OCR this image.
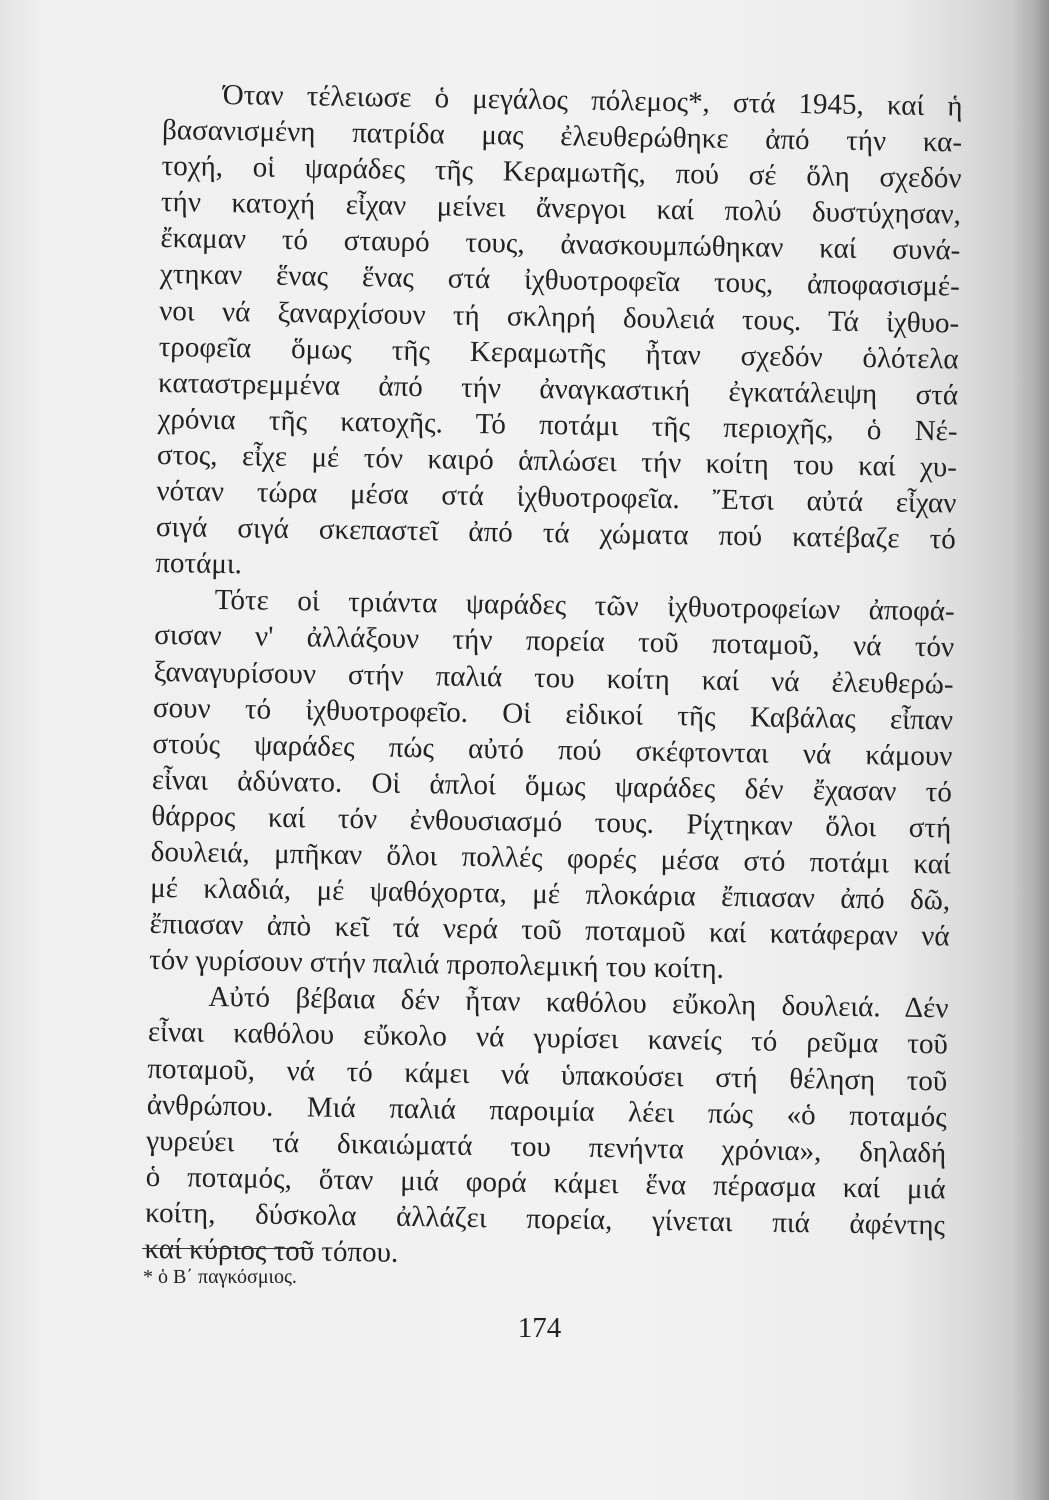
Όταν τέλειωσε ὁ μεγάλος πόλεμος*, στά 1945, καί ἡ
βασανισμένη πατρίδα μας ἐλευθερώθηκε ἀπό τήν κα-
τοχή, οἱ ψαράδες τῆς Κεραμωτῆς, πού σέ ὅλη σχεδόν
τήν κατοχή εἶχαν μείνει ἄνεργοι καί πολύ δυστύχησαν,
ἔκαμαν τό σταυρό τους, ἀνασκουμπώθηκαν καί συνά-
χτηκαν ἕνας ἕνας στά ἰχθυοτροφεῖα τους, ἀποφασισμέ-
νοι νά ξαναρχίσουν τή σκληρή δουλειά τους. Τά ἰχθυο-
τροφεῖα ὅμως τῆς Κεραμωτῆς ἦταν σχεδόν ὁλότελα
καταστρεμμένα ἀπό τήν ἀναγκαστική ἐγκατάλειψη στά
χρόνια τῆς κατοχῆς. Τό ποτάμι τῆς περιοχῆς, ὁ Νέ-
στος, εἶχε μέ τόν καιρό ἁπλώσει τήν κοίτη του καί χυ-
νόταν τώρα μέσα στά ἰχθυοτροφεῖα. Ἔτσι αὐτά εἶχαν
σιγά σιγά σκεπαστεῖ ἀπό τά χώματα πού κατέβαζε τό
ποτάμι.
Τότε οἱ τριάντα ψαράδες τῶν ἰχθυοτροφείων ἀποφά-
σισαν ν' ἀλλάξουν τήν πορεία τοῦ ποταμοῦ, νά τόν
ξαναγυρίσουν στήν παλιά του κοίτη καί νά ἐλευθερώ-
σουν τό ἰχθυοτροφεῖο. Οἱ εἰδικοί τῆς Καβάλας εἶπαν
στούς ψαράδες πώς αὐτό πού σκέφτονται νά κάμουν
εἶναι ἀδύνατο. Οἱ ἁπλοί ὅμως ψαράδες δέν ἔχασαν τό
θάρρος καί τόν ἐνθουσιασμό τους. Ρίχτηκαν ὅλοι στή
δουλειά, μπῆκαν ὅλοι πολλές φορές μέσα στό ποτάμι καί
μέ κλαδιά, μέ ψαθόχορτα, μέ πλοκάρια ἔπιασαν ἀπό δῶ,
ἔπιασαν ἀπὸ κεῖ τά νερά τοῦ ποταμοῦ καί κατάφεραν νά
τόν γυρίσουν στήν παλιά προπολεμική του κοίτη.
Αὐτό βέβαια δέν ἦταν καθόλου εὔκολη δουλειά. Δέν
εἶναι καθόλου εὔκολο νά γυρίσει κανείς τό ρεῦμα τοῦ
ποταμοῦ, νά τό κάμει νά ὑπακούσει στή θέληση τοῦ
ἀνθρώπου. Μιά παλιά παροιμία λέει πώς «ὁ ποταμός
γυρεύει τά δικαιώματά του πενήντα χρόνια», δηλαδή
ὁ ποταμός, ὅταν μιά φορά κάμει ἕνα πέρασμα καί μιά
κοίτη, δύσκολα ἀλλάζει πορεία, γίνεται πιά ἀφέντης
καί κύριος τοῦ τόπου.
* ὁ Β΄ παγκόσμιος.
174
